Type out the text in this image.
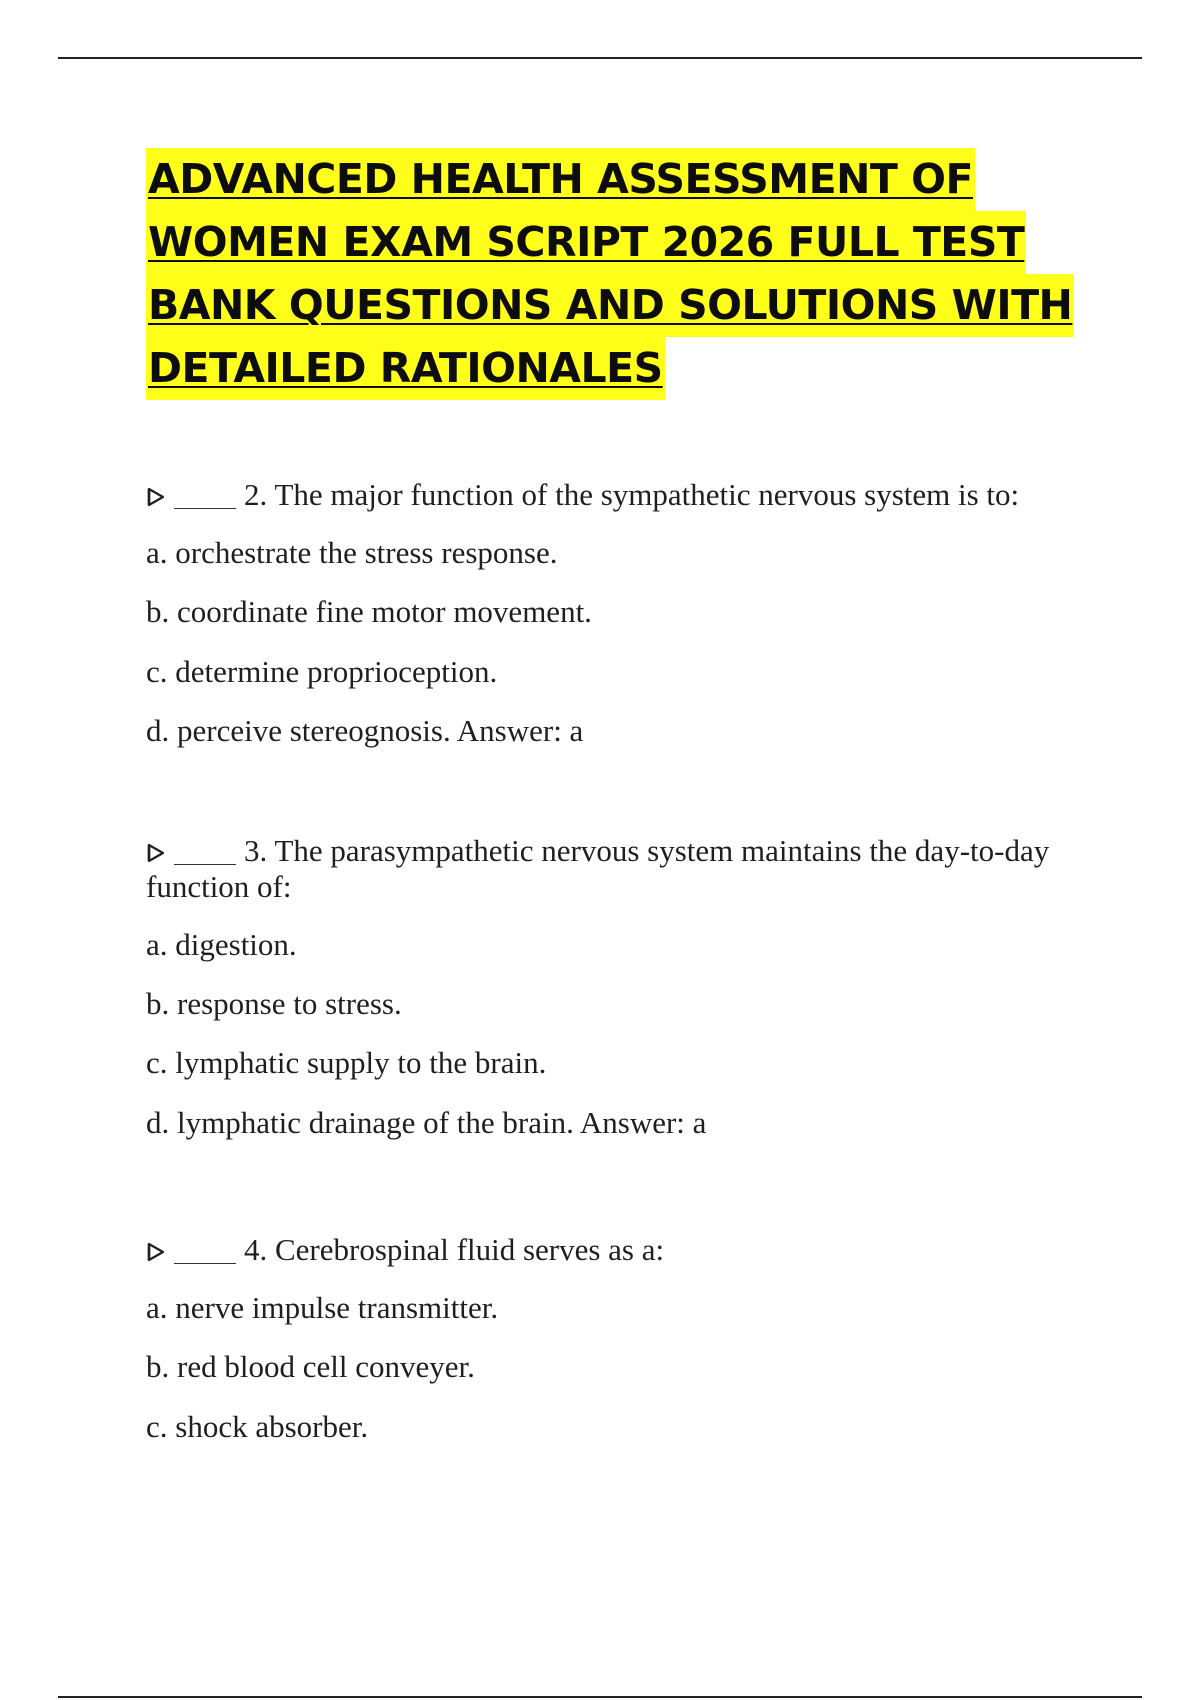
ADVANCED HEALTH ASSESSMENT OF
WOMEN EXAM SCRIPT 2026 FULL TEST
BANK QUESTIONS AND SOLUTIONS WITH
DETAILED RATIONALES

2. The major function of the sympathetic nervous system is to:

a. orchestrate the stress response.

b. coordinate fine motor movement.

c. determine proprioception.

d. perceive stereognosis. Answer: a

3. The parasympathetic nervous system maintains the day-to-day function of:

a. digestion.

b. response to stress.

c. lymphatic supply to the brain.

d. lymphatic drainage of the brain. Answer: a

4. Cerebrospinal fluid serves as a:

a. nerve impulse transmitter.

b. red blood cell conveyer.

c. shock absorber.
